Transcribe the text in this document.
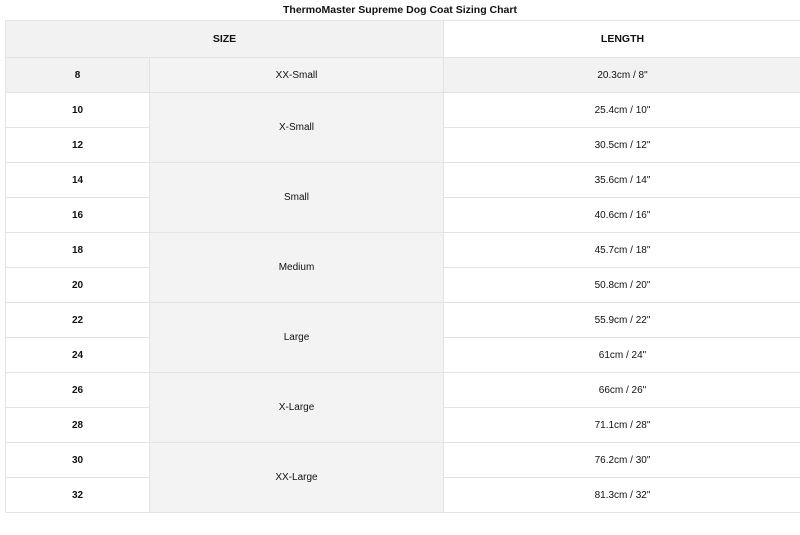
ThermoMaster Supreme Dog Coat Sizing Chart
SIZE		LENGTH
8	XX-Small	20.3cm / 8"
10	X-Small	25.4cm / 10"
12		30.5cm / 12"
14	Small	35.6cm / 14"
16		40.6cm / 16"
18	Medium	45.7cm / 18"
20		50.8cm / 20"
22	Large	55.9cm / 22"
24		61cm / 24"
26	X-Large	66cm / 26"
28		71.1cm / 28"
30	XX-Large	76.2cm / 30"
32		81.3cm / 32"
